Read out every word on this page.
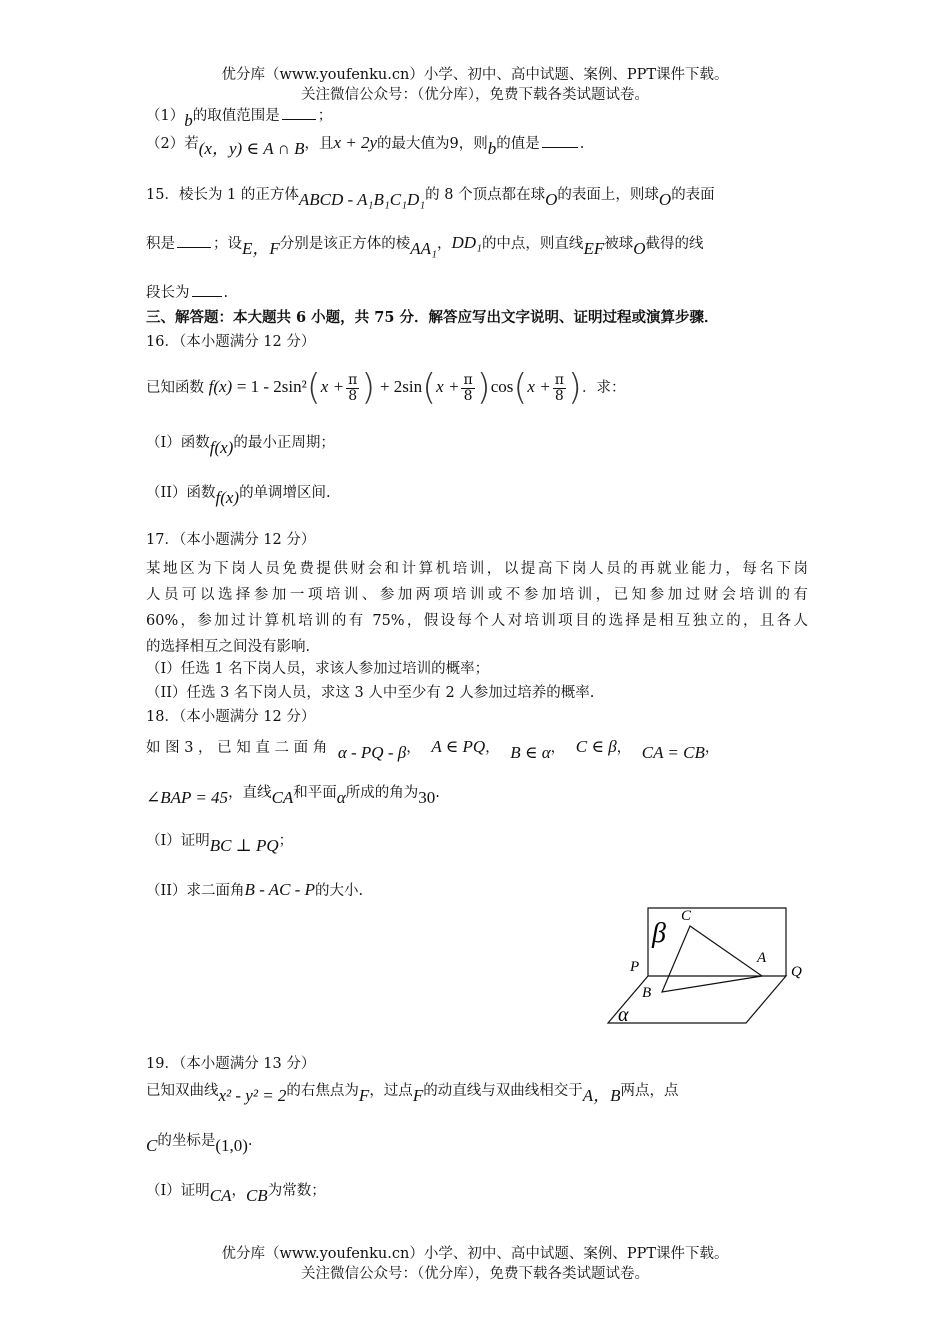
优分库（www.youfenku.cn）小学、初中、高中试题、案例、PPT课件下载。
关注微信公众号：（优分库），免费下载各类试题试卷。
（1）b的取值范围是	；
（2）若(x，y) ∈ A ∩ B，且x + 2y的最大值为9，则b的值是	.
15．棱长为 1 的正方体ABCD - A₁B₁C₁D₁的 8 个顶点都在球O的表面上，则球O的表面
积是	；设E，F分别是该正方体的棱AA₁，DD₁的中点，则直线EF被球O截得的线
段长为 .
三、解答题：本大题共 6 小题，共 75 分．解答应写出文字说明、证明过程或演算步骤．
16．（本小题满分 12 分）
已知函数 $f(x) = 1 - 2\sin^2(x + \frac{\pi}{8}$ ) + $2\sin(x + \frac{\pi}{8} )\cos(x + \frac{\pi}{8}$ )．求：
（I）函数f(x)的最小正周期；
（II）函数f(x)的单调增区间.
17．（本小题满分 12 分）
某地区为下岗人员免费提供财会和计算机培训，以提高下岗人员的再就业能力，每名下岗
人员可以选择参加一项培训、参加两项培训或不参加培训，已知参加过财会培训的有
60%，参加过计算机培训的有 75%，假设每个人对培训项目的选择是相互独立的，且各人
的选择相互之间没有影响.
（I）任选 1 名下岗人员，求该人参加过培训的概率；
（II）任选 3 名下岗人员，求这 3 人中至少有 2 人参加过培养的概率.
18．（本小题满分 12 分）
如 图 3 ， 已 知 直 二 面 角 α - PQ - β， A ∈ PQ， B ∈ α， C ∈ β， CA = CB，
∠BAP = 45，直线CA和平面α所成的角为30.
（I）证明BC ⊥ PQ；
（II）求二面角B - AC - P的大小.
β
C
A
P	Q
B
α
19．（本小题满分 13 分）
已知双曲线x² - y² = 2的右焦点为F，过点F的动直线与双曲线相交于A，B两点，点
C的坐标是(1,0).
（I）证明CA，CB为常数；
优分库（www.youfenku.cn）小学、初中、高中试题、案例、PPT课件下载。
关注微信公众号：（优分库），免费下载各类试题试卷。
